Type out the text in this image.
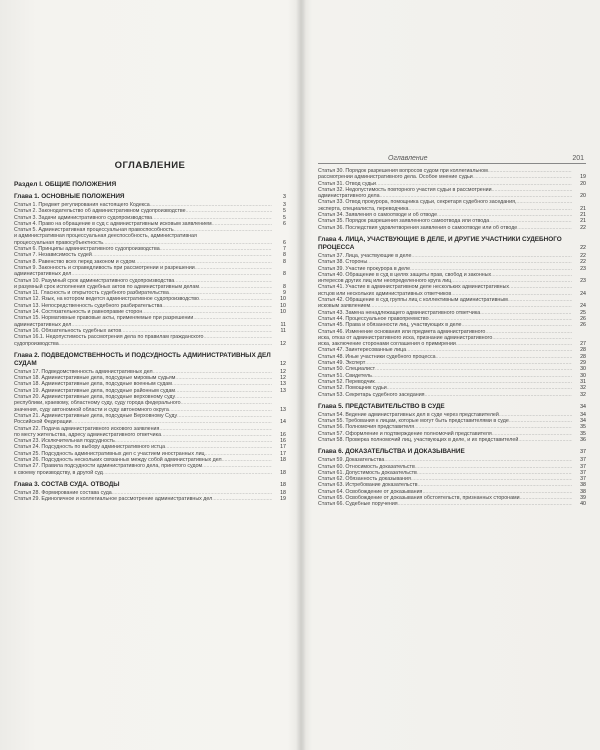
ОГЛАВЛЕНИЕ
Раздел I. ОБЩИЕ ПОЛОЖЕНИЯ
Глава 1. ОСНОВНЫЕ ПОЛОЖЕНИЯ	3
Статья 1. Предмет регулирования настоящего Кодекса .....	3
Статья 2. Законодательство об административном судопроизводстве .....	5
Статья 3. Задачи административного судопроизводства .....	5
Статья 4. Право на обращение в суд с административным исковым заявлением .....	6
Статья 5. Административная процессуальная правоспособность .....
и административная процессуальная дееспособность, административная
процессуальная правосубъектность .....	6
Статья 6. Принципы административного судопроизводства .....	7
Статья 7. Независимость судей .....	8
Статья 8. Равенство всех перед законом и судом .....	8
Статья 9. Законность и справедливость при рассмотрении и разрешении .....
административных дел .....	8
Статья 10. Разумный срок административного судопроизводства .....
и разумный срок исполнения судебных актов по административным делам .....	8
Статья 11. Гласность и открытость судебного разбирательства .....	9
Статья 12. Язык, на котором ведется административное судопроизводство .....	10
Статья 13. Непосредственность судебного разбирательства .....	10
Статья 14. Состязательность и равноправие сторон .....	10
Статья 15. Нормативные правовые акты, применяемые при разрешении .....
административных дел .....	11
Статья 16. Обязательность судебных актов .....	11
Статья 16.1. Недопустимость рассмотрения дела по правилам гражданского .....
судопроизводства .....	12
Глава 2. ПОДВЕДОМСТВЕННОСТЬ И ПОДСУДНОСТЬ АДМИНИСТРАТИВНЫХ ДЕЛ СУДАМ	12
Статья 17. Подведомственность административных дел .....	12
Статья 18. Административные дела, подсудные мировым судьям .....	12
Статья 18. Административные дела, подсудные военным судам .....	13
Статья 19. Административные дела, подсудные районным судам .....	13
Статья 20. Административные дела, подсудные верховному суду .....
республики, краевому, областному суду, суду города федерального .....
значения, суду автономной области и суду автономного округа .....	13
Статья 21. Административные дела, подсудные Верховному Суду .....
Российской Федерации .....	14
Статья 22. Подача административного искового заявления .....
по месту жительства, адресу административного ответчика .....	16
Статья 23. Исключительная подсудность .....	16
Статья 24. Подсудность по выбору административного истца .....	17
Статья 25. Подсудность административных дел с участием иностранных лиц .....	17
Статья 26. Подсудность нескольких связанных между собой административных дел .....	18
Статья 27. Правила подсудности административного дела, принятого судом .....
к своему производству, в другой суд .....	18
Глава 3. СОСТАВ СУДА. ОТВОДЫ	18
Статья 28. Формирование состава суда .....	18
Статья 29. Единоличное и коллегиальное рассмотрение административных дел .....	19
Оглавление	201
Статья 30. Порядок разрешения вопросов судом при коллегиальном .....
рассмотрении административного дела. Особое мнение судьи .....	19
Статья 31. Отвод судьи .....	20
Статья 32. Недопустимость повторного участия судьи в рассмотрении .....
административного дела .....	20
Статья 33. Отвод прокурора, помощника судьи, секретаря судебного заседания, .....
эксперта, специалиста, переводчика .....	21
Статья 34. Заявления о самоотводе и об отводе .....	21
Статья 35. Порядок разрешения заявленного самоотвода или отвода .....	21
Статья 36. Последствия удовлетворения заявления о самоотводе или об отводе .....	22
Глава 4. ЛИЦА, УЧАСТВУЮЩИЕ В ДЕЛЕ, И ДРУГИЕ УЧАСТНИКИ СУДЕБНОГО ПРОЦЕССА	22
Статья 37. Лица, участвующие в деле .....	22
Статья 38. Стороны .....	22
Статья 39. Участие прокурора в деле .....	23
Статья 40. Обращение в суд в целях защиты прав, свобод и законных .....
интересов других лиц или неопределенного круга лиц .....	23
Статья 41. Участие в административном деле нескольких административных .....
истцов или нескольких административных ответчиков .....	24
Статья 42. Обращение в суд группы лиц с коллективным административным .....
исковым заявлением .....	24
Статья 43. Замена ненадлежащего административного ответчика .....	25
Статья 44. Процессуальное правопреемство .....	26
Статья 45. Права и обязанности лиц, участвующих в деле .....	26
Статья 46. Изменение основания или предмета административного .....
иска, отказ от административного иска, признание административного .....
иска, заключение сторонами соглашения о примирении .....	27
Статья 47. Заинтересованные лица .....	28
Статья 48. Иные участники судебного процесса .....	28
Статья 49. Эксперт .....	29
Статья 50. Специалист .....	30
Статья 51. Свидетель .....	30
Статья 52. Переводчик .....	31
Статья 52. Помощник судьи .....	32
Статья 53. Секретарь судебного заседания .....	32
Глава 5. ПРЕДСТАВИТЕЛЬСТВО В СУДЕ	34
Статья 54. Ведение административных дел в суде через представителей .....	34
Статья 55. Требования к лицам, которые могут быть представителями в суде .....	34
Статья 56. Полномочия представителя .....	35
Статья 57. Оформление и подтверждение полномочий представителя .....	35
Статья 58. Проверка полномочий лиц, участвующих в деле, и их представителей .....	36
Глава 6. ДОКАЗАТЕЛЬСТВА И ДОКАЗЫВАНИЕ	37
Статья 59. Доказательства .....	37
Статья 60. Относимость доказательств .....	37
Статья 61. Допустимость доказательств .....	37
Статья 62. Обязанность доказывания .....	37
Статья 63. Истребование доказательств .....	38
Статья 64. Освобождение от доказывания .....	38
Статья 65. Освобождение от доказывания обстоятельств, признанных сторонами .....	39
Статья 66. Судебные поручения .....	40
